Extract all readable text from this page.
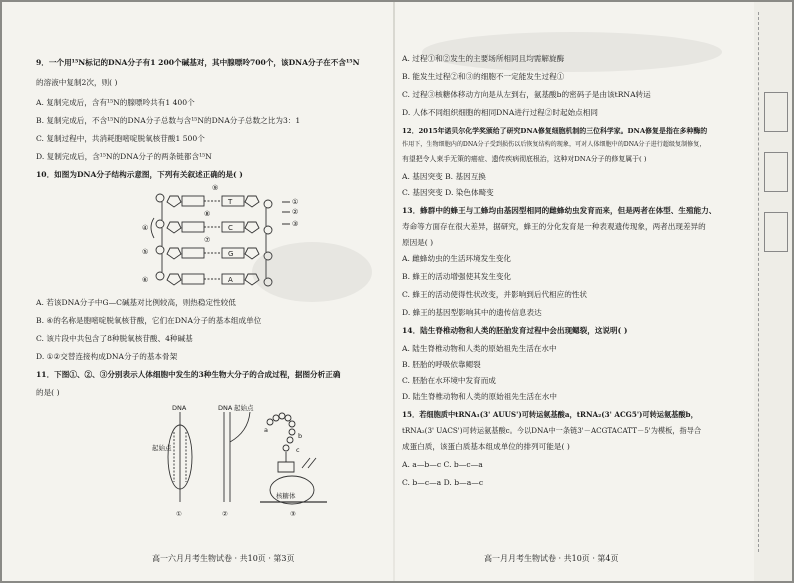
9．一个用¹⁵N标记的DNA分子有1 200个碱基对，其中腺嘌呤700个，该DNA分子在不含¹⁵N
的溶液中复制2次，则( )
A. 复制完成后，含有¹⁵N的腺嘌呤共有1 400个
B. 复制完成后，不含¹⁵N的DNA分子总数与含¹⁵N的DNA分子总数之比为3：1
C. 复制过程中，共消耗胞嘧啶脱氧核苷酸1 500个
D. 复制完成后，含¹⁵N的DNA分子的两条链都含¹⁵N
10．如图为DNA分子结构示意图，下列有关叙述正确的是( )
T
C
G
A
⑨
⑧
⑦
①
②
③
④
⑤
⑥
A. 若该DNA分子中G—C碱基对比例较高，则热稳定性较低
B. ④的名称是胞嘧啶脱氧核苷酸，它们在DNA分子的基本组成单位
C. 该片段中共包含了8种脱氧核苷酸、4种碱基
D. ①②交替连接构成DNA分子的基本骨架
11．下图①、②、③分别表示人体细胞中发生的3种生物大分子的合成过程，据图分析正确
的是( )
DNA	DNA
起始点
起始点
核糖体
①	②	③
a
b
c
高一六月月考生物试卷 · 共10页 · 第3页
A. 过程①和②发生的主要场所相同且均需解旋酶
B. 能发生过程②和③的细胞不一定能发生过程①
C. 过程③核糖体移动方向是从左到右，氨基酸b的密码子是由该tRNA转运
D. 人体不同组织细胞的相同DNA进行过程②时起始点相同
12．2015年诺贝尔化学奖颁给了研究DNA修复细胞机制的三位科学家。DNA修复是指在多种酶的
作用下，生物细胞内的DNA分子受到损伤以后恢复结构的现象，可对人体细胞中的DNA分子进行超级复制修复，
有望把令人束手无策的癌症、遗传疾病彻底根治，这种对DNA分子的修复属于( )
A. 基因突变 B. 基因互换
C. 基因突变 D. 染色体畸变
13．蜂群中的蜂王与工蜂均由基因型相同的雌蜂幼虫发育而来，但是两者在体型、生殖能力、
寿命等方面存在很大差异，据研究，蜂王的分化发育是一种表观遗传现象，两者出现差异的
原因是( )
A. 雌蜂幼虫的生活环境发生变化
B. 蜂王的活动增强使其发生变化
C. 蜂王的活动使得性状改变，并影响到后代相应的性状
D. 蜂王的基因型影响其中的遗传信息表达
14．陆生脊椎动物和人类的胚胎发育过程中会出现鳃裂，这说明( )
A. 陆生脊椎动物和人类的原始祖先生活在水中
B. 胚胎的呼吸依靠鳃裂
C. 胚胎在水环境中发育而成
D. 陆生脊椎动物和人类的原始祖先生活在水中
15．若细胞质中tRNA₁(3' AUUS')可转运氨基酸a，tRNA₂(3' ACG5')可转运氨基酸b，
tRNA₃(3' UACS')可转运氨基酸c。今以DNA中一条链3'－ACGTACATT－5'为模板，指导合
成蛋白质，该蛋白质基本组成单位的排列可能是( )
A. a—b—c C. b—c—a
C. b—c—a D. b—a—c
高一月月考生物试卷 · 共10页 · 第4页
